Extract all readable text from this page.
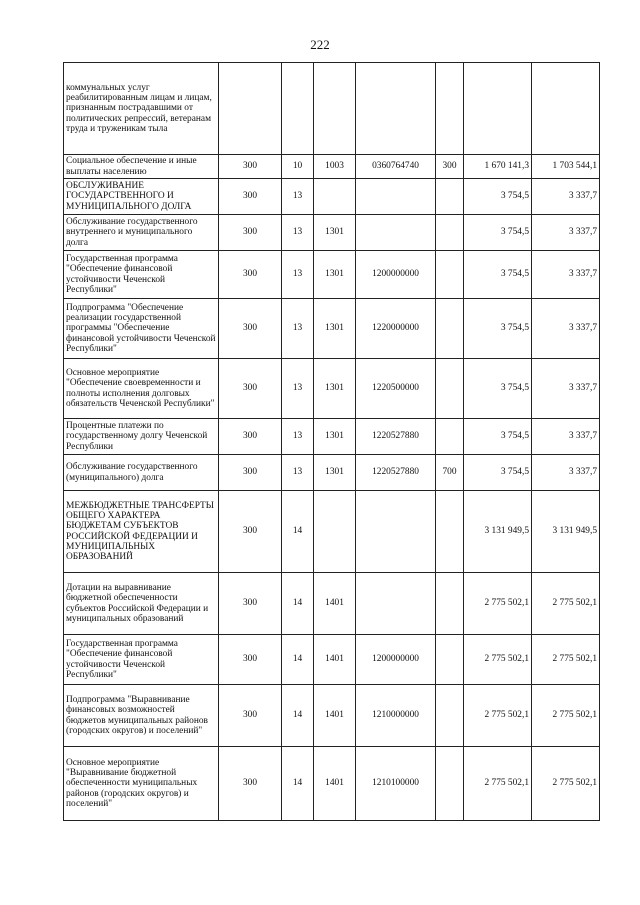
222
коммунальных услуг реабилитированным лицам и лицам, признанным пострадавшими от политических репрессий, ветеранам труда и труженикам тыла							
Социальное обеспечение и иные выплаты населению	300	10	1003	0360764740	300	1 670 141,3	1 703 544,1
ОБСЛУЖИВАНИЕ ГОСУДАРСТВЕННОГО И МУНИЦИПАЛЬНОГО ДОЛГА	300	13				3 754,5	3 337,7
Обслуживание государственного внутреннего и муниципального долга	300	13	1301			3 754,5	3 337,7
Государственная программа "Обеспечение финансовой устойчивости Чеченской Республики"	300	13	1301	1200000000		3 754,5	3 337,7
Подпрограмма "Обеспечение реализации государственной программы "Обеспечение финансовой устойчивости Чеченской Республики"	300	13	1301	1220000000		3 754,5	3 337,7
Основное мероприятие "Обеспечение своевременности и полноты исполнения долговых обязательств Чеченской Республики"	300	13	1301	1220500000		3 754,5	3 337,7
Процентные платежи по государственному долгу Чеченской Республики	300	13	1301	1220527880		3 754,5	3 337,7
Обслуживание государственного (муниципального) долга	300	13	1301	1220527880	700	3 754,5	3 337,7
МЕЖБЮДЖЕТНЫЕ ТРАНСФЕРТЫ ОБЩЕГО ХАРАКТЕРА БЮДЖЕТАМ СУБЪЕКТОВ РОССИЙСКОЙ ФЕДЕРАЦИИ И МУНИЦИПАЛЬНЫХ ОБРАЗОВАНИЙ	300	14				3 131 949,5	3 131 949,5
Дотации на выравнивание бюджетной обеспеченности субъектов Российской Федерации и муниципальных образований	300	14	1401			2 775 502,1	2 775 502,1
Государственная программа "Обеспечение финансовой устойчивости Чеченской Республики"	300	14	1401	1200000000		2 775 502,1	2 775 502,1
Подпрограмма "Выравнивание финансовых возможностей бюджетов муниципальных районов (городских округов) и поселений"	300	14	1401	1210000000		2 775 502,1	2 775 502,1
Основное мероприятие "Выравнивание бюджетной обеспеченности муниципальных районов (городских округов) и поселений"	300	14	1401	1210100000		2 775 502,1	2 775 502,1
